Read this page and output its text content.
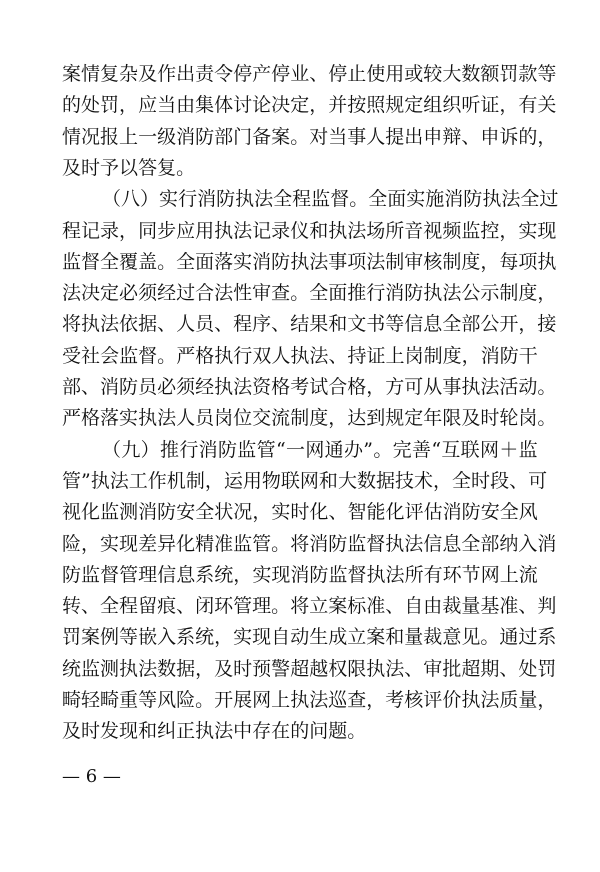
案 情 复 杂 及 作 出 责 令 停 产 停 业 、 停 止 使 用 或 较 大 数 额 罚 款 等
的 处 罚 ， 应 当 由 集 体 讨 论 决 定 ， 并 按 照 规 定 组 织 听 证 ， 有 关
情 况 报 上 一 级 消 防 部 门 备 案 。 对 当 事 人 提 出 申 辩 、 申 诉 的 ，
及 时 予 以 答 复 。
（ 八 ） 实 行 消 防 执 法 全 程 监 督 。 全 面 实 施 消 防 执 法 全 过
程 记 录 ， 同 步 应 用 执 法 记 录 仪 和 执 法 场 所 音 视 频 监 控 ， 实 现
监 督 全 覆 盖 。 全 面 落 实 消 防 执 法 事 项 法 制 审 核 制 度 ， 每 项 执
法 决 定 必 须 经 过 合 法 性 审 查 。 全 面 推 行 消 防 执 法 公 示 制 度 ，
将 执 法 依 据 、 人 员 、 程 序 、 结 果 和 文 书 等 信 息 全 部 公 开 ， 接
受 社 会 监 督 。 严 格 执 行 双 人 执 法 、 持 证 上 岗 制 度 ， 消 防 干
部 、 消 防 员 必 须 经 执 法 资 格 考 试 合 格 ， 方 可 从 事 执 法 活 动 。
严 格 落 实 执 法 人 员 岗 位 交 流 制 度 ， 达 到 规 定 年 限 及 时 轮 岗 。
（ 九 ） 推 行 消 防 监 管 “ 一 网 通 办 ” 。 完 善 “ 互 联 网 ＋ 监
管 ” 执 法 工 作 机 制 ， 运 用 物 联 网 和 大 数 据 技 术 ， 全 时 段 、 可
视 化 监 测 消 防 安 全 状 况 ， 实 时 化 、 智 能 化 评 估 消 防 安 全 风
险 ， 实 现 差 异 化 精 准 监 管 。 将 消 防 监 督 执 法 信 息 全 部 纳 入 消
防 监 督 管 理 信 息 系 统 ， 实 现 消 防 监 督 执 法 所 有 环 节 网 上 流
转 、 全 程 留 痕 、 闭 环 管 理 。 将 立 案 标 准 、 自 由 裁 量 基 准 、 判
罚 案 例 等 嵌 入 系 统 ， 实 现 自 动 生 成 立 案 和 量 裁 意 见 。 通 过 系
统 监 测 执 法 数 据 ， 及 时 预 警 超 越 权 限 执 法 、 审 批 超 期 、 处 罚
畸 轻 畸 重 等 风 险 。 开 展 网 上 执 法 巡 查 ， 考 核 评 价 执 法 质 量 ，
及 时 发 现 和 纠 正 执 法 中 存 在 的 问 题 。
— 6 —
